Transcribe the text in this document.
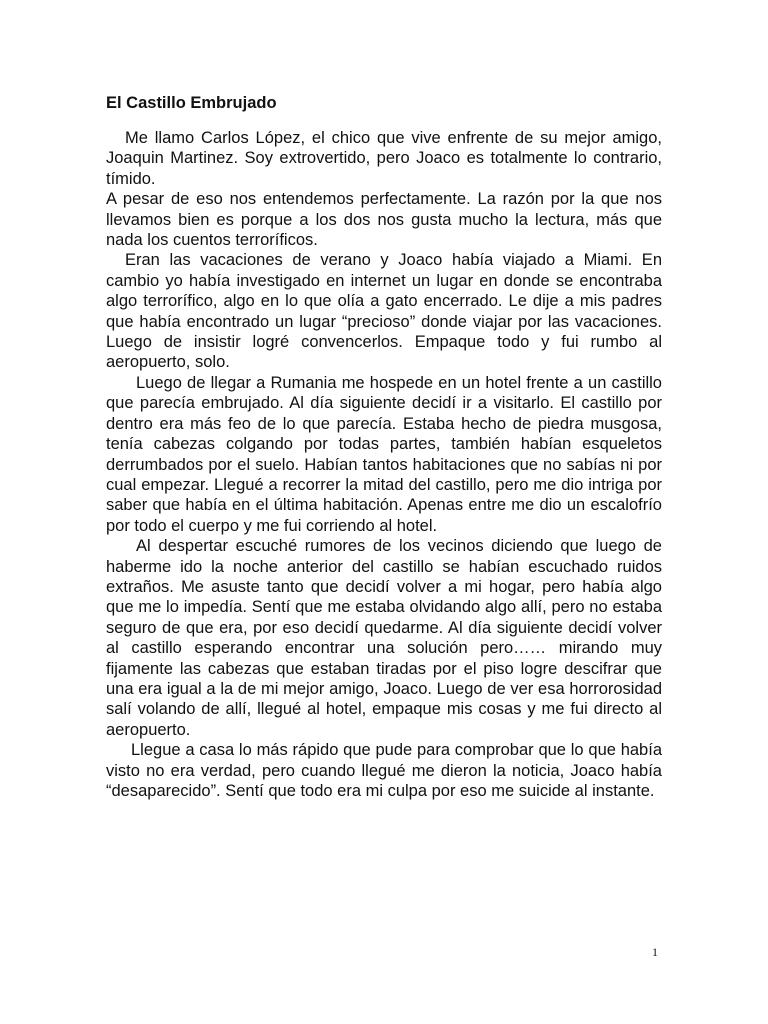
El Castillo Embrujado

Me llamo Carlos López, el chico que vive enfrente de su mejor amigo, Joaquin Martinez. Soy extrovertido, pero Joaco es totalmente lo contrario, tímido.

A pesar de eso nos entendemos perfectamente. La razón por la que nos llevamos bien es porque a los dos nos gusta mucho la lectura, más que nada los cuentos terroríficos.

Eran las vacaciones de verano y Joaco había viajado a Miami. En cambio yo había investigado en internet un lugar en donde se encontraba algo terrorífico, algo en lo que olía a gato encerrado. Le dije a mis padres que había encontrado un lugar “precioso” donde viajar por las vacaciones. Luego de insistir logré convencerlos. Empaque todo y fui rumbo al aeropuerto, solo.

Luego de llegar a Rumania me hospede en un hotel frente a un castillo que parecía embrujado. Al día siguiente decidí ir a visitarlo. El castillo por dentro era más feo de lo que parecía. Estaba hecho de piedra musgosa, tenía cabezas colgando por todas partes, también habían esqueletos derrumbados por el suelo. Habían tantos habitaciones que no sabías ni por cual empezar. Llegué a recorrer la mitad del castillo, pero me dio intriga por saber que había en el última habitación. Apenas entre me dio un escalofrío por todo el cuerpo y me fui corriendo al hotel.

Al despertar escuché rumores de los vecinos diciendo que luego de haberme ido la noche anterior del castillo se habían escuchado ruidos extraños. Me asuste tanto que decidí volver a mi hogar, pero había algo que me lo impedía. Sentí que me estaba olvidando algo allí, pero no estaba seguro de que era, por eso decidí quedarme. Al día siguiente decidí volver al castillo esperando encontrar una solución pero…… mirando muy fijamente las cabezas que estaban tiradas por el piso logre descifrar que una era igual a la de mi mejor amigo, Joaco. Luego de ver esa horrorosidad salí volando de allí, llegué al hotel, empaque mis cosas y me fui directo al aeropuerto.

Llegue a casa lo más rápido que pude para comprobar que lo que había visto no era verdad, pero cuando llegué me dieron la noticia, Joaco había “desaparecido”. Sentí que todo era mi culpa por eso me suicide al instante.

1
